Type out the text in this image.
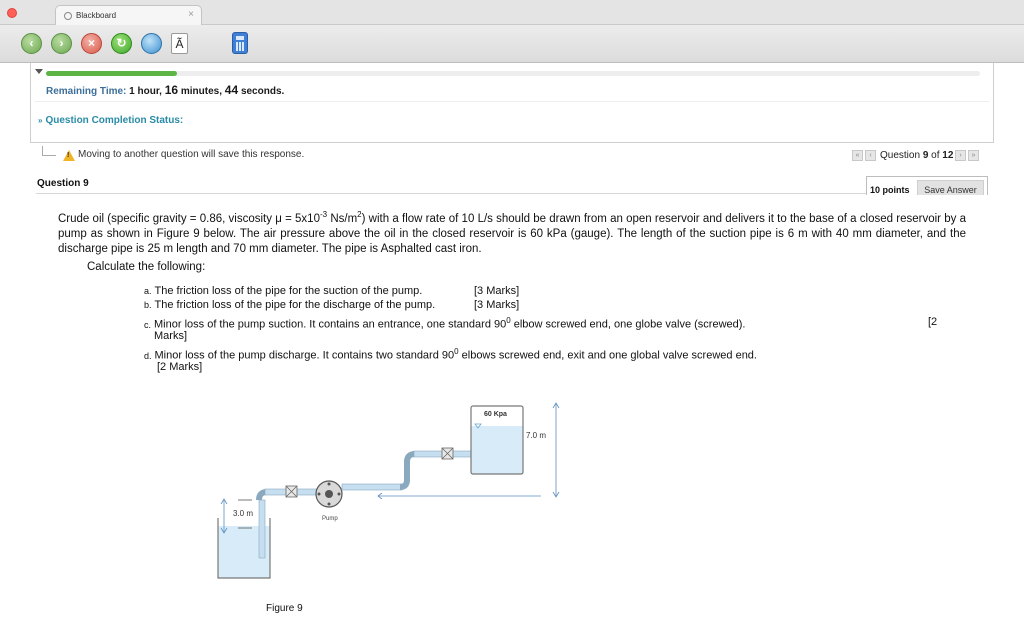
Blackboard	×
‹	›	×	↻	Ã
Remaining Time: 1 hour, 16 minutes, 44 seconds.
» Question Completion Status:
! Moving to another question will save this response.	«	‹ Question 9 of 12 ›	»
Question 9
10 points	Save Answer
Crude oil (specific gravity = 0.86, viscosity $\mu = 5x10^{-3}$ $Ns/m^2$) with a flow rate of 10 L/s should be drawn from an open reservoir and delivers it to the base of a closed reservoir by a pump as shown in Figure 9 below. The air pressure above the oil in the closed reservoir is 60 kPa (gauge). The length of the suction pipe is 6 m with 40 mm diameter, and the discharge pipe is 25 m length and 70 mm diameter. The pipe is Asphalted cast iron.
Calculate the following:
a. The friction loss of the pipe for the suction of the pump.	[3 Marks]
b. The friction loss of the pipe for the discharge of the pump.	[3 Marks]
c. Minor loss of the pump suction. It contains an entrance, one standard $90^0$ elbow screwed end, one globe valve (screwed).	[2
Marks]
d. Minor loss of the pump discharge. It contains two standard $90^0$ elbows screwed end, exit and one global valve screwed end.
[2 Marks]
Pump
60 Kpa
7.0 m
3.0 m
Figure 9
